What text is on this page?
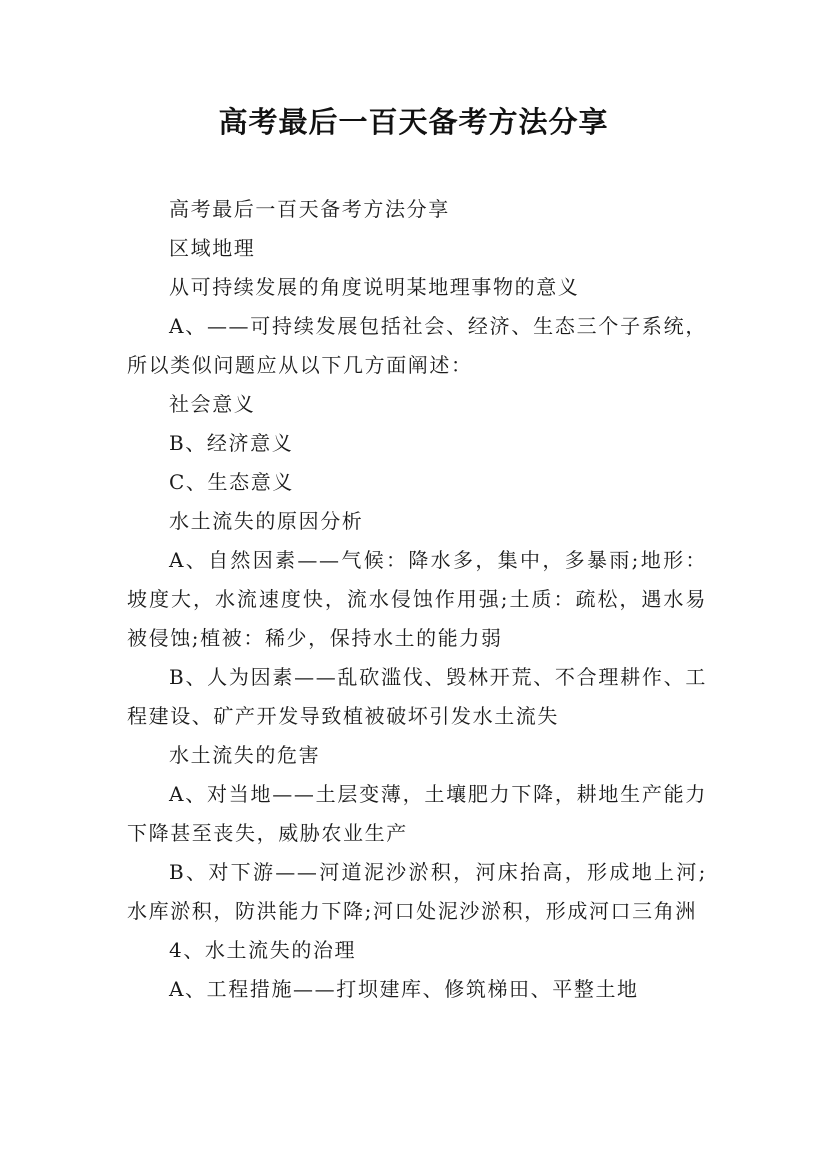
高考最后一百天备考方法分享

高考最后一百天备考方法分享

区域地理

从可持续发展的角度说明某地理事物的意义

A、——可持续发展包括社会、经济、生态三个子系统，所以类似问题应从以下几方面阐述：

社会意义

B、经济意义

C、生态意义

水土流失的原因分析

A、自然因素——气候：降水多，集中，多暴雨;地形：坡度大，水流速度快，流水侵蚀作用强;土质：疏松，遇水易被侵蚀;植被：稀少，保持水土的能力弱

B、人为因素——乱砍滥伐、毁林开荒、不合理耕作、工程建设、矿产开发导致植被破坏引发水土流失

水土流失的危害

A、对当地——土层变薄，土壤肥力下降，耕地生产能力下降甚至丧失，威胁农业生产

B、对下游——河道泥沙淤积，河床抬高，形成地上河;水库淤积，防洪能力下降;河口处泥沙淤积，形成河口三角洲

4、水土流失的治理

A、工程措施——打坝建库、修筑梯田、平整土地
